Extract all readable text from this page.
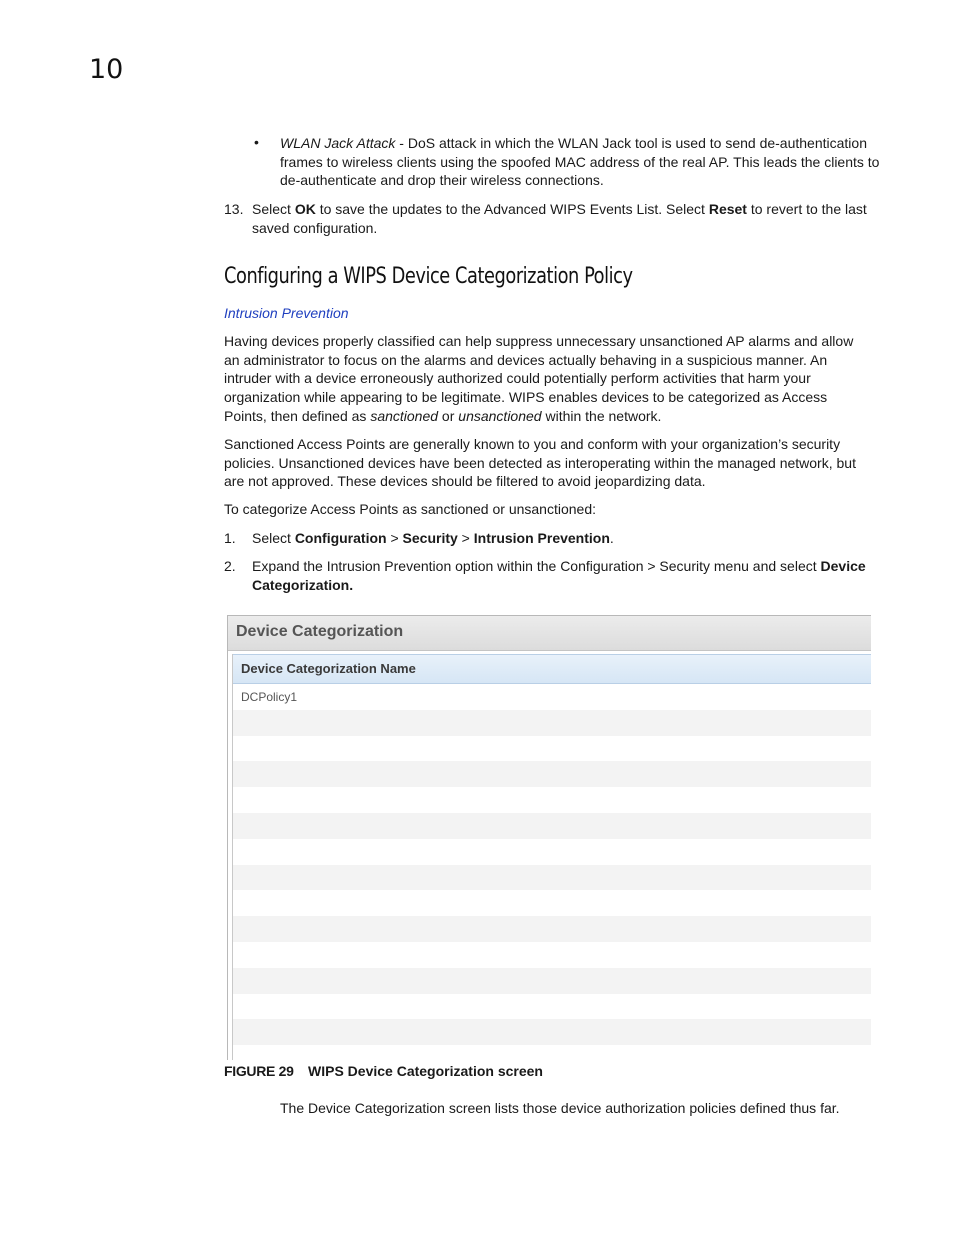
10
• WLAN Jack Attack - DoS attack in which the WLAN Jack tool is used to send de-authentication frames to wireless clients using the spoofed MAC address of the real AP. This leads the clients to de-authenticate and drop their wireless connections.
13. Select OK to save the updates to the Advanced WIPS Events List. Select Reset to revert to the last saved configuration.
Configuring a WIPS Device Categorization Policy
Intrusion Prevention
Having devices properly classified can help suppress unnecessary unsanctioned AP alarms and allow an administrator to focus on the alarms and devices actually behaving in a suspicious manner. An intruder with a device erroneously authorized could potentially perform activities that harm your organization while appearing to be legitimate. WIPS enables devices to be categorized as Access Points, then defined as sanctioned or unsanctioned within the network.
Sanctioned Access Points are generally known to you and conform with your organization’s security policies. Unsanctioned devices have been detected as interoperating within the managed network, but are not approved. These devices should be filtered to avoid jeopardizing data.
To categorize Access Points as sanctioned or unsanctioned:
1. Select Configuration > Security > Intrusion Prevention.
2. Expand the Intrusion Prevention option within the Configuration > Security menu and select Device Categorization.
Device Categorization
Device Categorization Name
DCPolicy1
FIGURE 29 WIPS Device Categorization screen
The Device Categorization screen lists those device authorization policies defined thus far.
